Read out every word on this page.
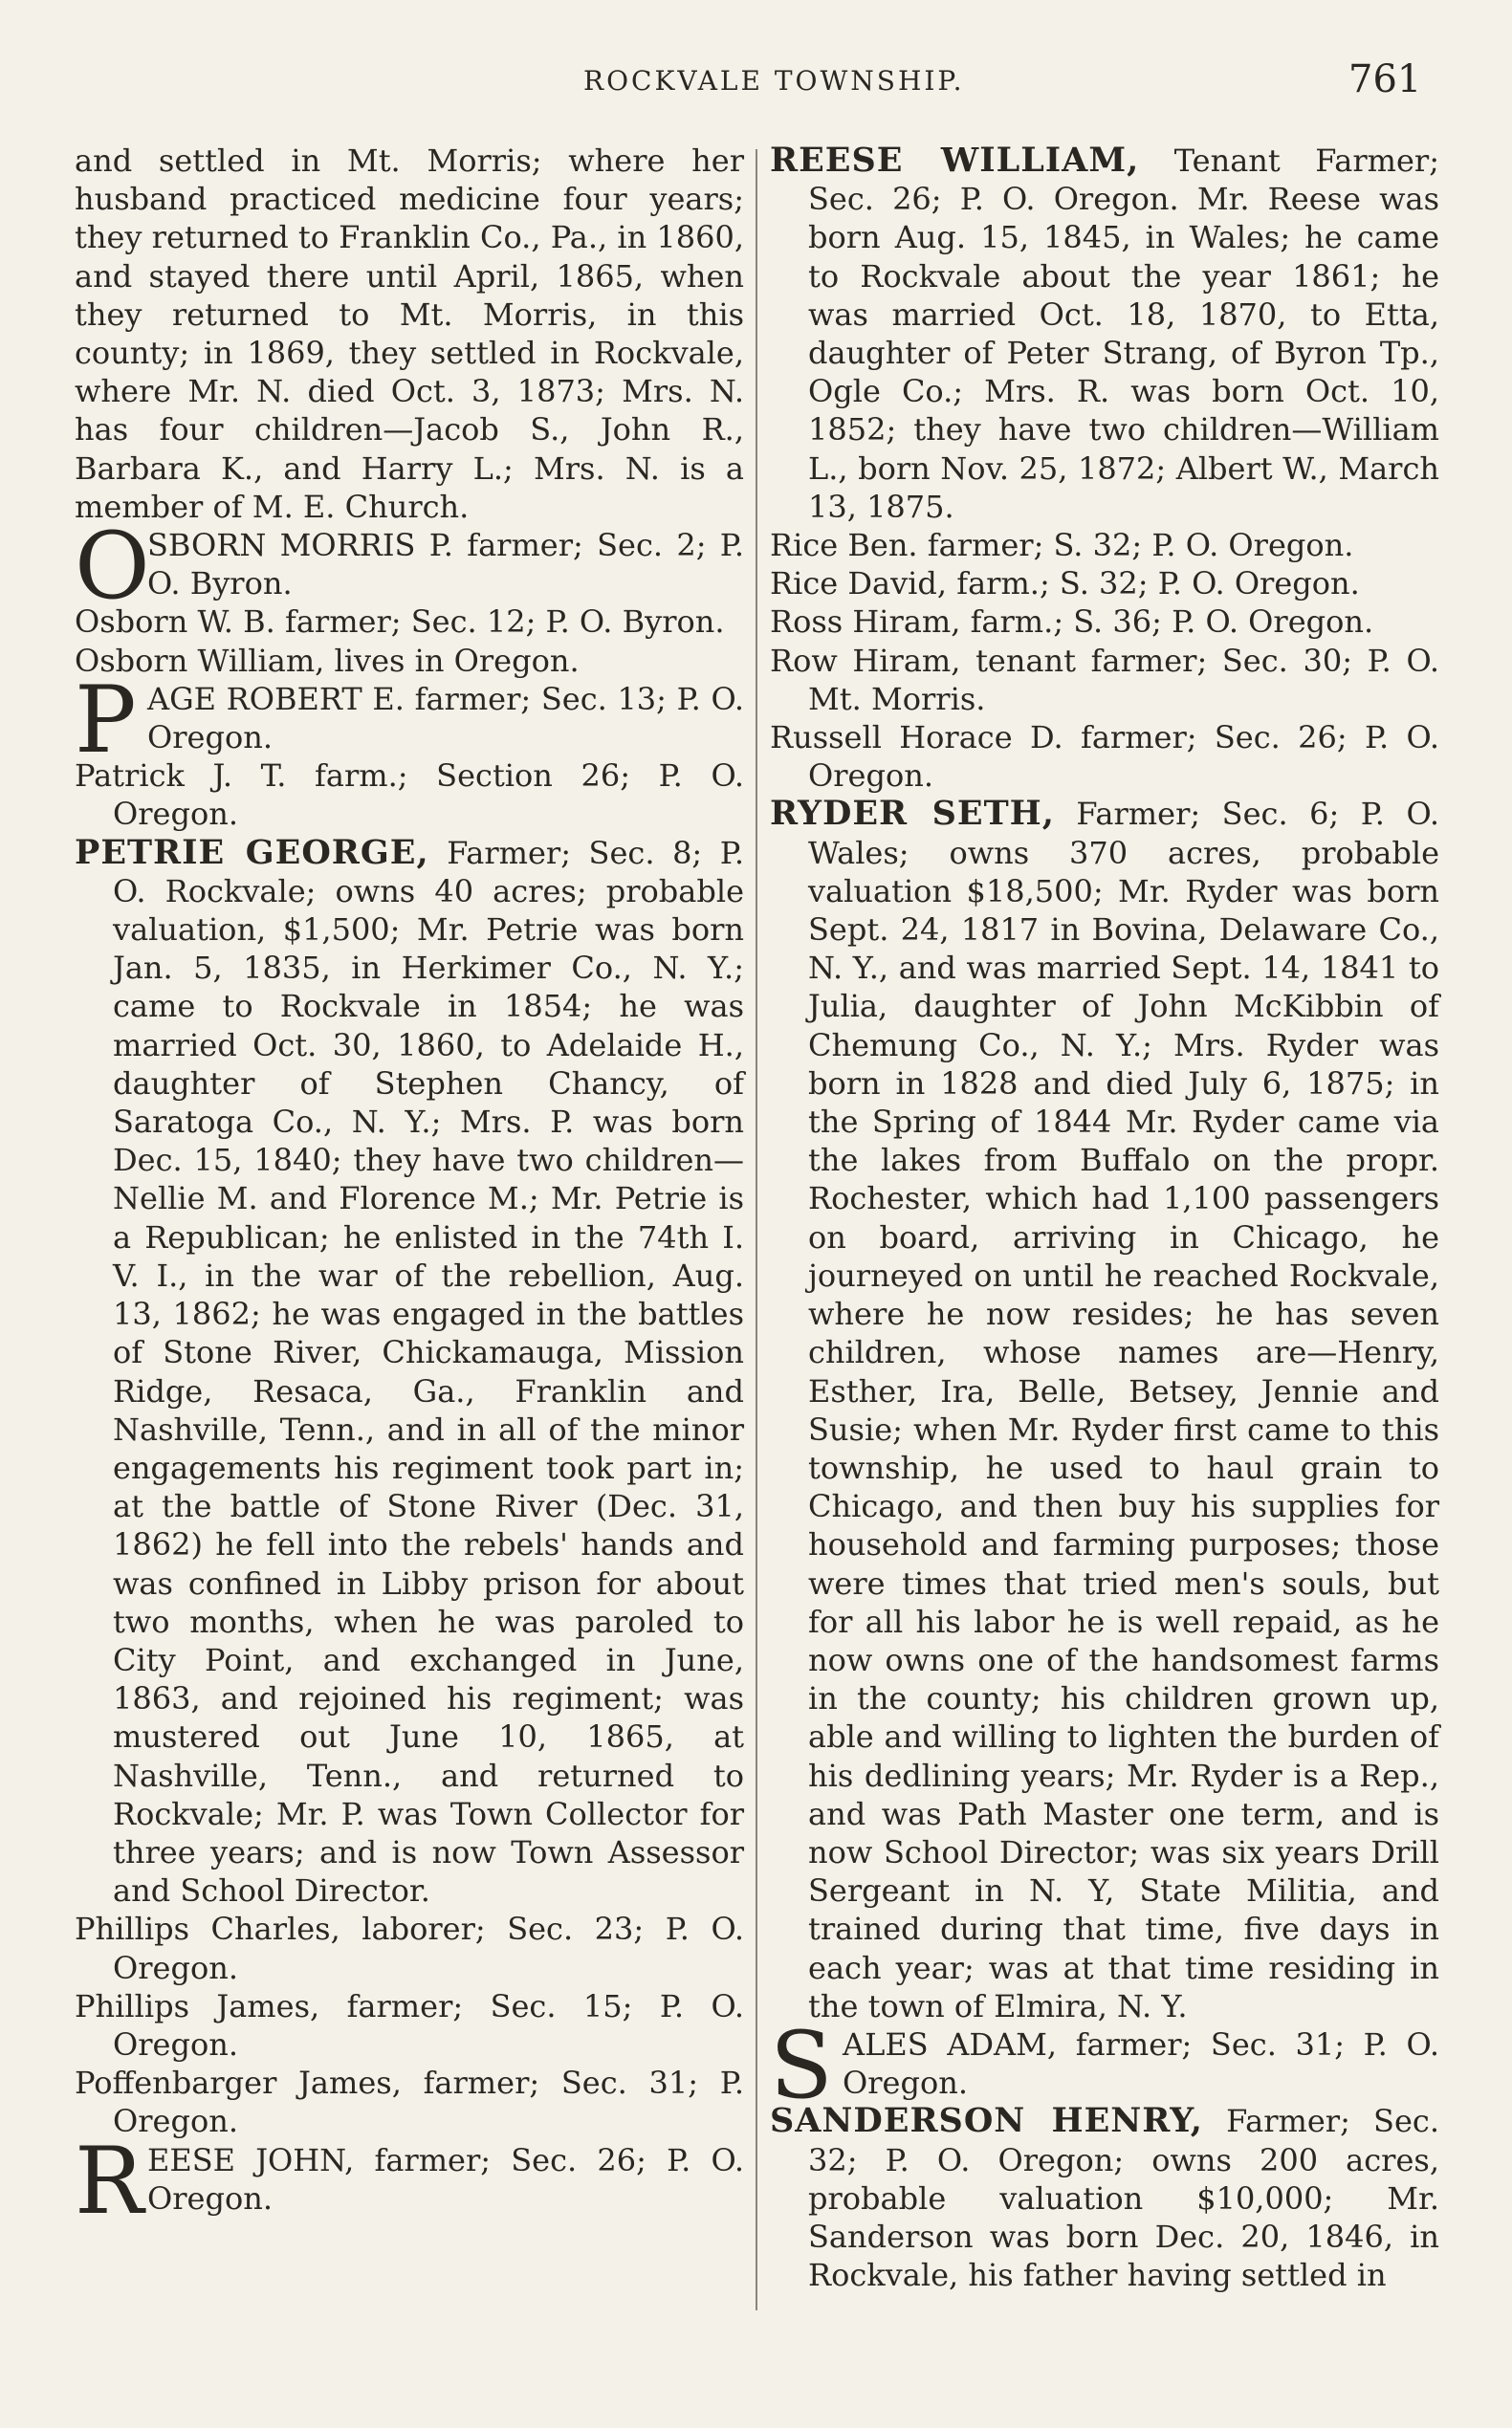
ROCKVALE TOWNSHIP.	761

and settled in Mt. Morris; where her husband practiced medicine four years; they returned to Franklin Co., Pa., in 1860, and stayed there until April, 1865, when they returned to Mt. Morris, in this county; in 1869, they settled in Rockvale, where Mr. N. died Oct. 3, 1873; Mrs. N. has four children—Jacob S., John R., Barbara K., and Harry L.; Mrs. N. is a member of M. E. Church.

O
SBORN MORRIS P. farmer; Sec. 2; P. O. Byron.

Osborn W. B. farmer; Sec. 12; P. O. Byron.

Osborn William, lives in Oregon.

P AGE ROBERT E. farmer; Sec. 13; P. O. Oregon.

Patrick J. T. farm.; Section 26; P. O. Oregon.

PETRIE GEORGE, Farmer; Sec. 8; P. O. Rockvale; owns 40 acres; probable valuation, $1,500; Mr. Petrie was born Jan. 5, 1835, in Herkimer Co., N. Y.; came to Rockvale in 1854; he was married Oct. 30, 1860, to Adelaide H., daughter of Stephen Chancy, of Saratoga Co., N. Y.; Mrs. P. was born Dec. 15, 1840; they have two children—Nellie M. and Florence M.; Mr. Petrie is a Republican; he enlisted in the 74th I. V. I., in the war of the rebellion, Aug. 13, 1862; he was engaged in the battles of Stone River, Chickamauga, Mission Ridge, Resaca, Ga., Franklin and Nashville, Tenn., and in all of the minor engagements his regiment took part in; at the battle of Stone River (Dec. 31, 1862) he fell into the rebels' hands and was confined in Libby prison for about two months, when he was paroled to City Point, and exchanged in June, 1863, and rejoined his regiment; was mustered out June 10, 1865, at Nashville, Tenn., and returned to Rockvale; Mr. P. was Town Collector for three years; and is now Town Assessor and School Director.

Phillips Charles, laborer; Sec. 23; P. O. Oregon.

Phillips James, farmer; Sec. 15; P. O. Oregon.

Poffenbarger James, farmer; Sec. 31; P. Oregon.

R EESE JOHN, farmer; Sec. 26; P. O. Oregon.

REESE WILLIAM, Tenant Farmer; Sec. 26; P. O. Oregon. Mr. Reese was born Aug. 15, 1845, in Wales; he came to Rockvale about the year 1861; he was married Oct. 18, 1870, to Etta, daughter of Peter Strang, of Byron Tp., Ogle Co.; Mrs. R. was born Oct. 10, 1852; they have two children—William L., born Nov. 25, 1872; Albert W., March 13, 1875.

Rice Ben. farmer; S. 32; P. O. Oregon.

Rice David, farm.; S. 32; P. O. Oregon.

Ross Hiram, farm.; S. 36; P. O. Oregon.

Row Hiram, tenant farmer; Sec. 30; P. O. Mt. Morris.

Russell Horace D. farmer; Sec. 26; P. O. Oregon.

RYDER SETH, Farmer; Sec. 6; P. O. Wales; owns 370 acres, probable valuation $18,500; Mr. Ryder was born Sept. 24, 1817 in Bovina, Delaware Co., N. Y., and was married Sept. 14, 1841 to Julia, daughter of John McKibbin of Chemung Co., N. Y.; Mrs. Ryder was born in 1828 and died July 6, 1875; in the Spring of 1844 Mr. Ryder came via the lakes from Buffalo on the propr. Rochester, which had 1,100 passengers on board, arriving in Chicago, he journeyed on until he reached Rockvale, where he now resides; he has seven children, whose names are—Henry, Esther, Ira, Belle, Betsey, Jennie and Susie; when Mr. Ryder first came to this township, he used to haul grain to Chicago, and then buy his supplies for household and farming purposes; those were times that tried men's souls, but for all his labor he is well repaid, as he now owns one of the handsomest farms in the county; his children grown up, able and willing to lighten the burden of his dedlining years; Mr. Ryder is a Rep., and was Path Master one term, and is now School Director; was six years Drill Sergeant in N. Y, State Militia, and trained during that time, five days in each year; was at that time residing in the town of Elmira, N. Y.

S ALES ADAM, farmer; Sec. 31; P. O. Oregon.

SANDERSON HENRY, Farmer; Sec. 32; P. O. Oregon; owns 200 acres, probable valuation $10,000; Mr. Sanderson was born Dec. 20, 1846, in Rockvale, his father having settled in
